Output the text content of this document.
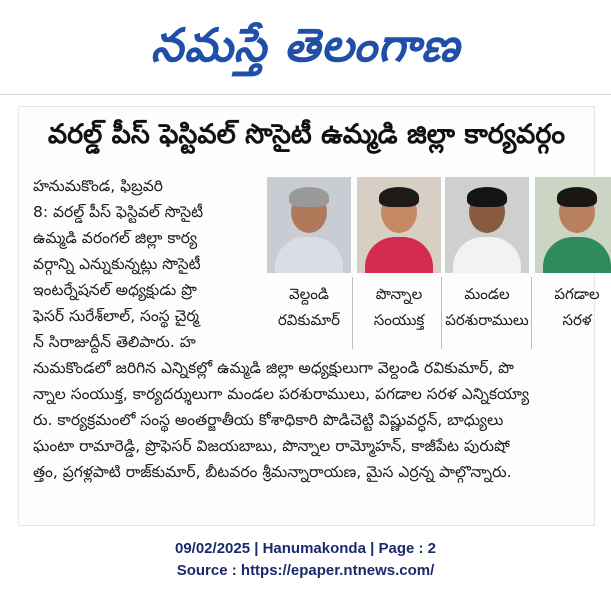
నమస్తే తెలంగాణ
వరల్డ్ పీస్ ఫెస్టివల్ సొసైటీ ఉమ్మడి జిల్లా కార్యవర్గం

హనుమకొండ, ఫిబ్రవరి

8: వరల్డ్ పీస్ ఫెస్టివల్ సొసైటీ

ఉమ్మడి వరంగల్ జిల్లా కార్య

వర్గాన్ని ఎన్నుకున్నట్లు సొసైటీ

ఇంటర్నేషనల్ అధ్యక్షుడు ప్రొ

ఫెసర్ సురేశ్‌లాల్, సంస్థ చైర్మ

న్ సిరాజుద్దీన్ తెలిపారు. హ

వెల్దండి
రవికుమార్
పొన్నాల
సంయుక్త
మండల
పరశురాములు
పగడాల
సరళ

నుమకొండలో జరిగిన ఎన్నికల్లో ఉమ్మడి జిల్లా అధ్యక్షులుగా వెల్దండి రవికుమార్, పొ

న్నాల సంయుక్త, కార్యదర్శులుగా మండల పరశురాములు, పగడాల సరళ ఎన్నికయ్యా

రు. కార్యక్రమంలో సంస్థ అంతర్జాతీయ కోశాధికారి పొడిచెట్టి విష్ణువర్ధన్, బాధ్యులు

ఘంటా రామారెడ్డి, ప్రొఫెసర్ విజయబాబు, పొన్నాల రామ్మోహన్, కాజీపేట పురుషో

త్తం, ప్రగళ్లపాటి రాజ్‌కుమార్, బీటవరం శ్రీమన్నారాయణ, మైస ఎర్రన్న పాల్గొన్నారు.

09/02/2025 | Hanumakonda | Page : 2
Source : https://epaper.ntnews.com/
